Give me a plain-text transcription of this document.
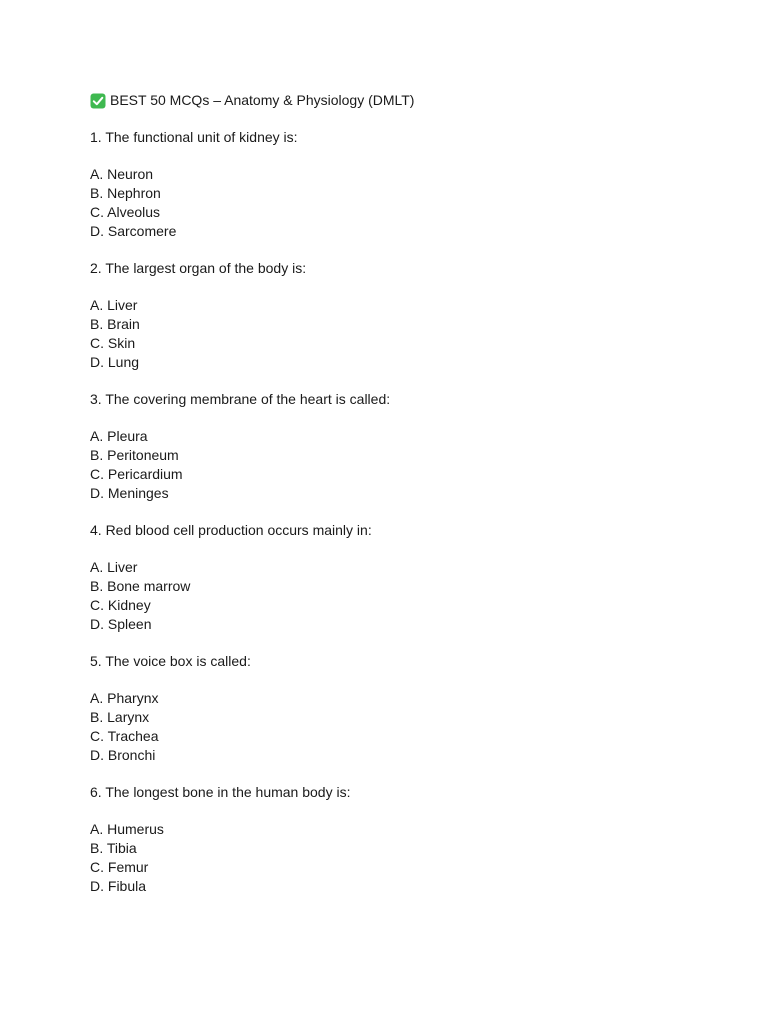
BEST 50 MCQs – Anatomy & Physiology (DMLT)
1. The functional unit of kidney is:
A. Neuron
B. Nephron
C. Alveolus
D. Sarcomere
2. The largest organ of the body is:
A. Liver
B. Brain
C. Skin
D. Lung
3. The covering membrane of the heart is called:
A. Pleura
B. Peritoneum
C. Pericardium
D. Meninges
4. Red blood cell production occurs mainly in:
A. Liver
B. Bone marrow
C. Kidney
D. Spleen
5. The voice box is called:
A. Pharynx
B. Larynx
C. Trachea
D. Bronchi
6. The longest bone in the human body is:
A. Humerus
B. Tibia
C. Femur
D. Fibula
